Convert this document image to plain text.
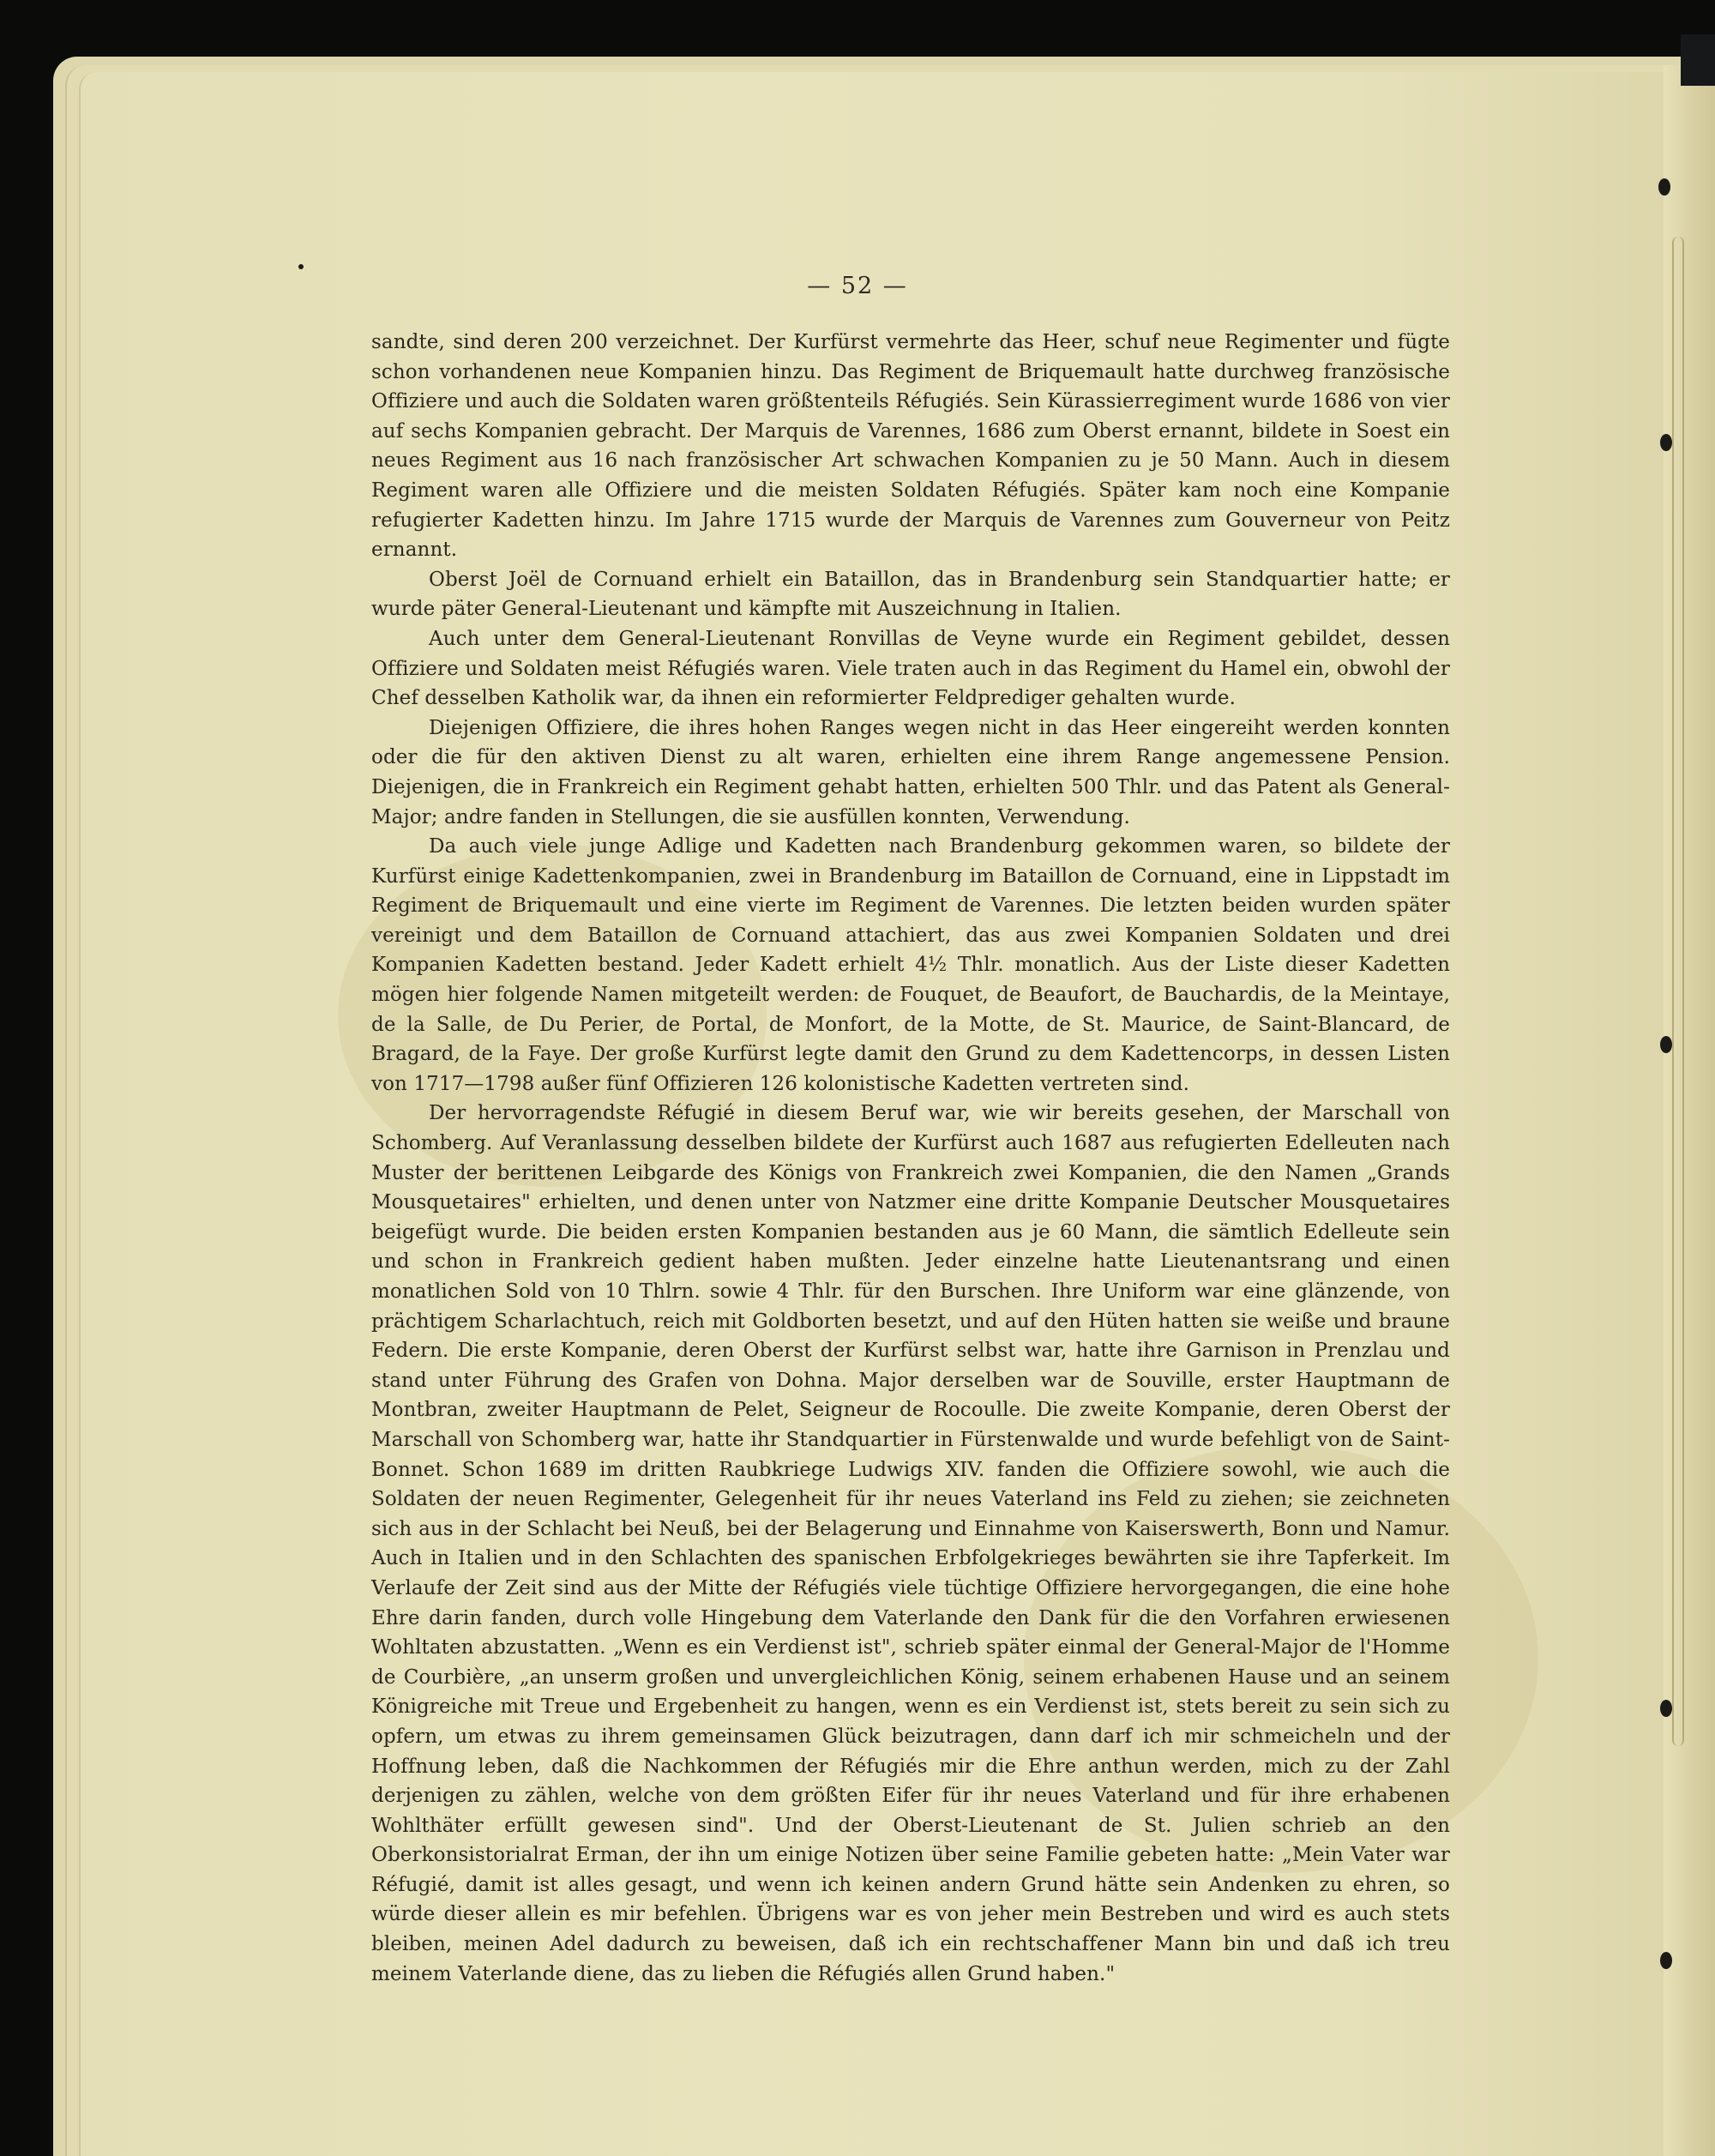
— 52 —

sandte, sind deren 200 verzeichnet. Der Kurfürst vermehrte das Heer, schuf neue Regimenter und fügte schon vorhandenen neue Kompanien hinzu. Das Regiment de Briquemault hatte durchweg französische Offiziere und auch die Soldaten waren größtenteils Réfugiés. Sein Kürassierregiment wurde 1686 von vier auf sechs Kompanien gebracht. Der Marquis de Varennes, 1686 zum Oberst ernannt, bildete in Soest ein neues Regiment aus 16 nach französischer Art schwachen Kompanien zu je 50 Mann. Auch in diesem Regiment waren alle Offiziere und die meisten Soldaten Réfugiés. Später kam noch eine Kompanie refugierter Kadetten hinzu. Im Jahre 1715 wurde der Marquis de Varennes zum Gouverneur von Peitz ernannt.

Oberst Joël de Cornuand erhielt ein Bataillon, das in Brandenburg sein Standquartier hatte; er wurde päter General-Lieutenant und kämpfte mit Auszeichnung in Italien.

Auch unter dem General-Lieutenant Ronvillas de Veyne wurde ein Regiment gebildet, dessen Offiziere und Soldaten meist Réfugiés waren. Viele traten auch in das Regiment du Hamel ein, obwohl der Chef desselben Katholik war, da ihnen ein reformierter Feldprediger gehalten wurde.

Diejenigen Offiziere, die ihres hohen Ranges wegen nicht in das Heer eingereiht werden konnten oder die für den aktiven Dienst zu alt waren, erhielten eine ihrem Range angemessene Pension. Diejenigen, die in Frankreich ein Regiment gehabt hatten, erhielten 500 Thlr. und das Patent als General-Major; andre fanden in Stellungen, die sie ausfüllen konnten, Verwendung.

Da auch viele junge Adlige und Kadetten nach Brandenburg gekommen waren, so bildete der Kurfürst einige Kadettenkompanien, zwei in Brandenburg im Bataillon de Cornuand, eine in Lippstadt im Regiment de Briquemault und eine vierte im Regiment de Varennes. Die letzten beiden wurden später vereinigt und dem Bataillon de Cornuand attachiert, das aus zwei Kompanien Soldaten und drei Kompanien Kadetten bestand. Jeder Kadett erhielt 4½ Thlr. monatlich. Aus der Liste dieser Kadetten mögen hier folgende Namen mitgeteilt werden: de Fouquet, de Beaufort, de Bauchardis, de la Meintaye, de la Salle, de Du Perier, de Portal, de Monfort, de la Motte, de St. Maurice, de Saint-Blancard, de Bragard, de la Faye. Der große Kurfürst legte damit den Grund zu dem Kadettencorps, in dessen Listen von 1717—1798 außer fünf Offizieren 126 kolonistische Kadetten vertreten sind.

Der hervorragendste Réfugié in diesem Beruf war, wie wir bereits gesehen, der Marschall von Schomberg. Auf Veranlassung desselben bildete der Kurfürst auch 1687 aus refugierten Edelleuten nach Muster der berittenen Leibgarde des Königs von Frankreich zwei Kompanien, die den Namen „Grands Mousquetaires" erhielten, und denen unter von Natzmer eine dritte Kompanie Deutscher Mousquetaires beigefügt wurde. Die beiden ersten Kompanien bestanden aus je 60 Mann, die sämtlich Edelleute sein und schon in Frankreich gedient haben mußten. Jeder einzelne hatte Lieutenantsrang und einen monatlichen Sold von 10 Thlrn. sowie 4 Thlr. für den Burschen. Ihre Uniform war eine glänzende, von prächtigem Scharlachtuch, reich mit Goldborten besetzt, und auf den Hüten hatten sie weiße und braune Federn. Die erste Kompanie, deren Oberst der Kurfürst selbst war, hatte ihre Garnison in Prenzlau und stand unter Führung des Grafen von Dohna. Major derselben war de Souville, erster Hauptmann de Montbran, zweiter Hauptmann de Pelet, Seigneur de Rocoulle. Die zweite Kompanie, deren Oberst der Marschall von Schomberg war, hatte ihr Standquartier in Fürstenwalde und wurde befehligt von de Saint-Bonnet. Schon 1689 im dritten Raubkriege Ludwigs XIV. fanden die Offiziere sowohl, wie auch die Soldaten der neuen Regimenter, Gelegenheit für ihr neues Vaterland ins Feld zu ziehen; sie zeichneten sich aus in der Schlacht bei Neuß, bei der Belagerung und Einnahme von Kaiserswerth, Bonn und Namur. Auch in Italien und in den Schlachten des spanischen Erbfolgekrieges bewährten sie ihre Tapferkeit. Im Verlaufe der Zeit sind aus der Mitte der Réfugiés viele tüchtige Offiziere hervorgegangen, die eine hohe Ehre darin fanden, durch volle Hingebung dem Vaterlande den Dank für die den Vorfahren erwiesenen Wohltaten abzustatten. „Wenn es ein Verdienst ist", schrieb später einmal der General-Major de l'Homme de Courbière, „an unserm großen und unvergleichlichen König, seinem erhabenen Hause und an seinem Königreiche mit Treue und Ergebenheit zu hangen, wenn es ein Verdienst ist, stets bereit zu sein sich zu opfern, um etwas zu ihrem gemeinsamen Glück beizutragen, dann darf ich mir schmeicheln und der Hoffnung leben, daß die Nachkommen der Réfugiés mir die Ehre anthun werden, mich zu der Zahl derjenigen zu zählen, welche von dem größten Eifer für ihr neues Vaterland und für ihre erhabenen Wohlthäter erfüllt gewesen sind". Und der Oberst-Lieutenant de St. Julien schrieb an den Oberkonsistorialrat Erman, der ihn um einige Notizen über seine Familie gebeten hatte: „Mein Vater war Réfugié, damit ist alles gesagt, und wenn ich keinen andern Grund hätte sein Andenken zu ehren, so würde dieser allein es mir befehlen. Übrigens war es von jeher mein Bestreben und wird es auch stets bleiben, meinen Adel dadurch zu beweisen, daß ich ein rechtschaffener Mann bin und daß ich treu meinem Vaterlande diene, das zu lieben die Réfugiés allen Grund haben."
